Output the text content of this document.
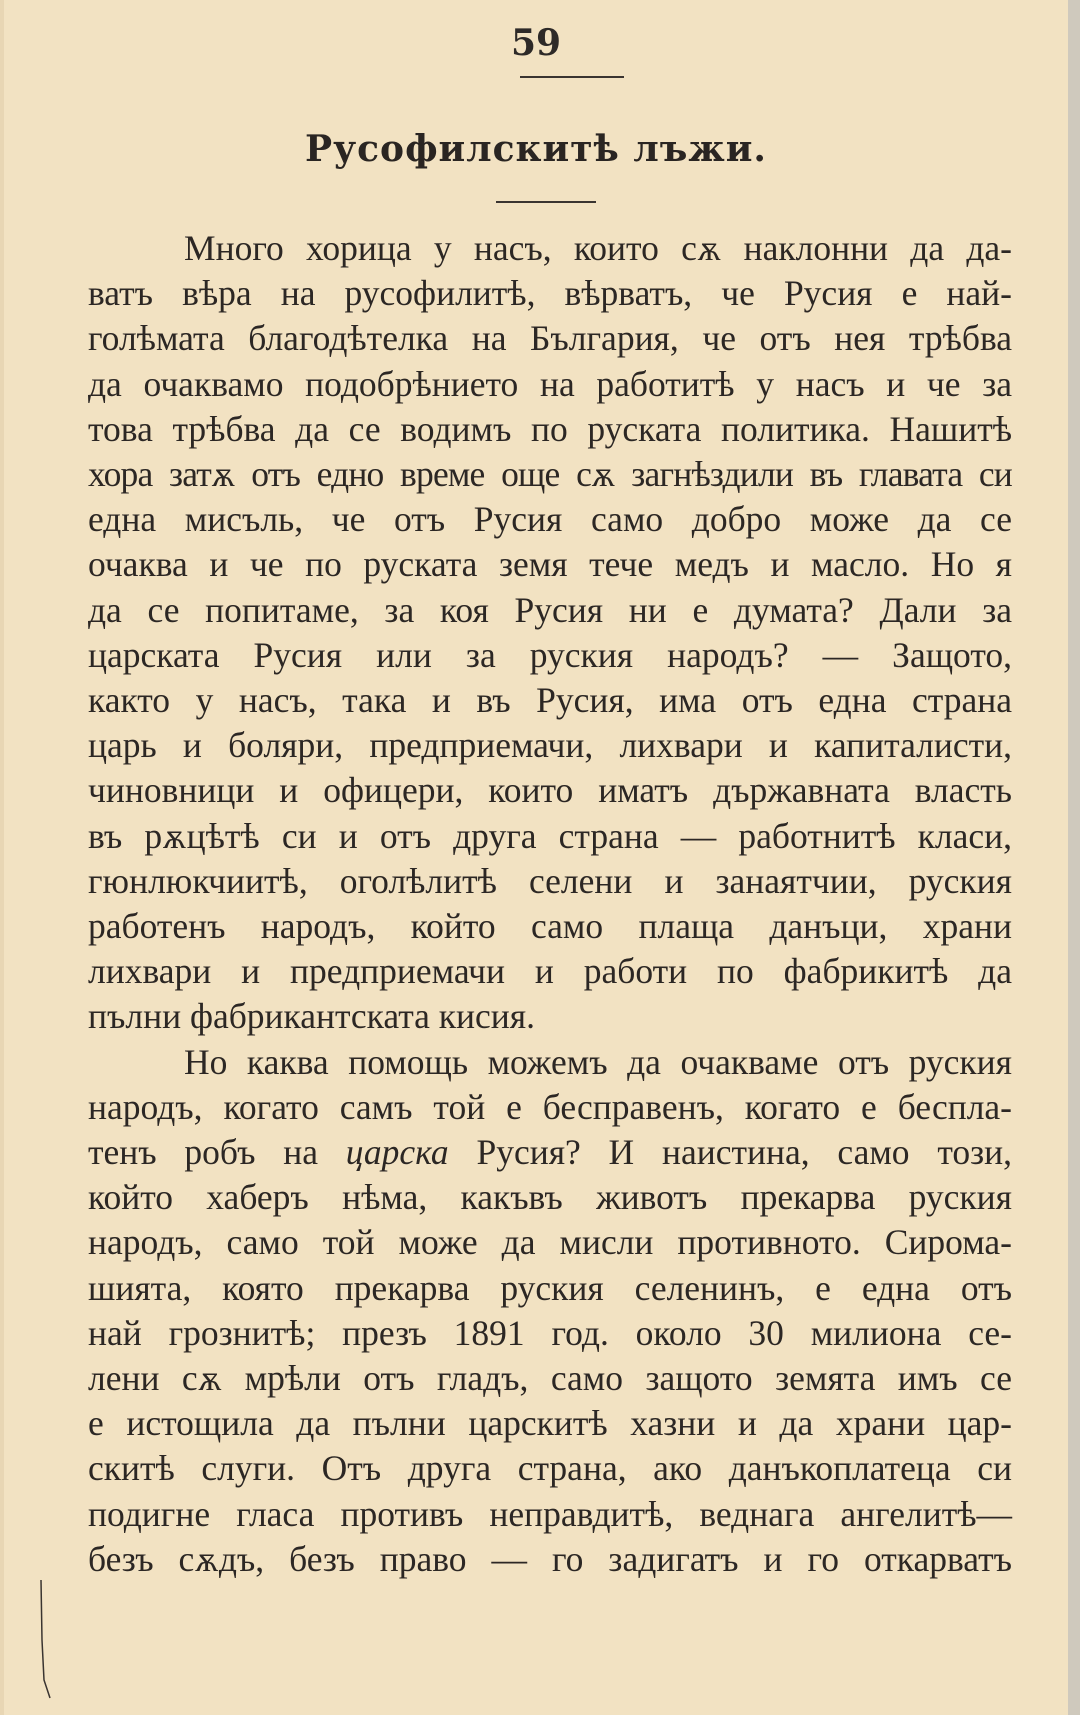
59
Русофилскитѣ лъжи.
Много хорица у насъ, които сѫ наклонни да да-
ватъ вѣра на русофилитѣ, вѣрватъ, че Русия е най-
голѣмата благодѣтелка на България, че отъ нея трѣбва
да очаквамо подобрѣнието на работитѣ у насъ и че за
това трѣбва да се водимъ по руската политика. Нашитѣ
хора затѫ отъ едно време още сѫ загнѣздили въ главата си
една мисъль, че отъ Русия само добро може да се
очаква и че по руската земя тече медъ и масло. Но я
да се попитаме, за коя Русия ни е думата? Дали за
царската Русия или за руския народъ? — Защото,
както у насъ, така и въ Русия, има отъ една страна
царь и боляри, предприемачи, лихвари и капиталисти,
чиновници и офицери, които иматъ държавната власть
въ рѫцѣтѣ си и отъ друга страна — работнитѣ класи,
гюнлюкчиитѣ, оголѣлитѣ селени и занаятчии, руския
работенъ народъ, който само плаща данъци, храни
лихвари и предприемачи и работи по фабрикитѣ да
пълни фабрикантската кисия.
Но каква помощь можемъ да очакваме отъ руския
народъ, когато самъ той е беспpавенъ, когато е беспла-
тенъ робъ на царска Русия? И наистина, само този,
който хаберъ нѣма, какъвъ животъ прекарва руския
народъ, само той може да мисли противното. Сирома-
шията, която прекарва руския селенинъ, е една отъ
най грознитѣ; презъ 1891 год. около 30 милиона се-
лени сѫ мрѣли отъ гладъ, само защото земята имъ се
е истощила да пълни царскитѣ хазни и да храни цар-
скитѣ слуги. Отъ друга страна, ако данъкоплатеца си
подигне гласа противъ неправдитѣ, веднага ангелитѣ—
безъ сѫдъ, безъ право — го задигатъ и го откарватъ
